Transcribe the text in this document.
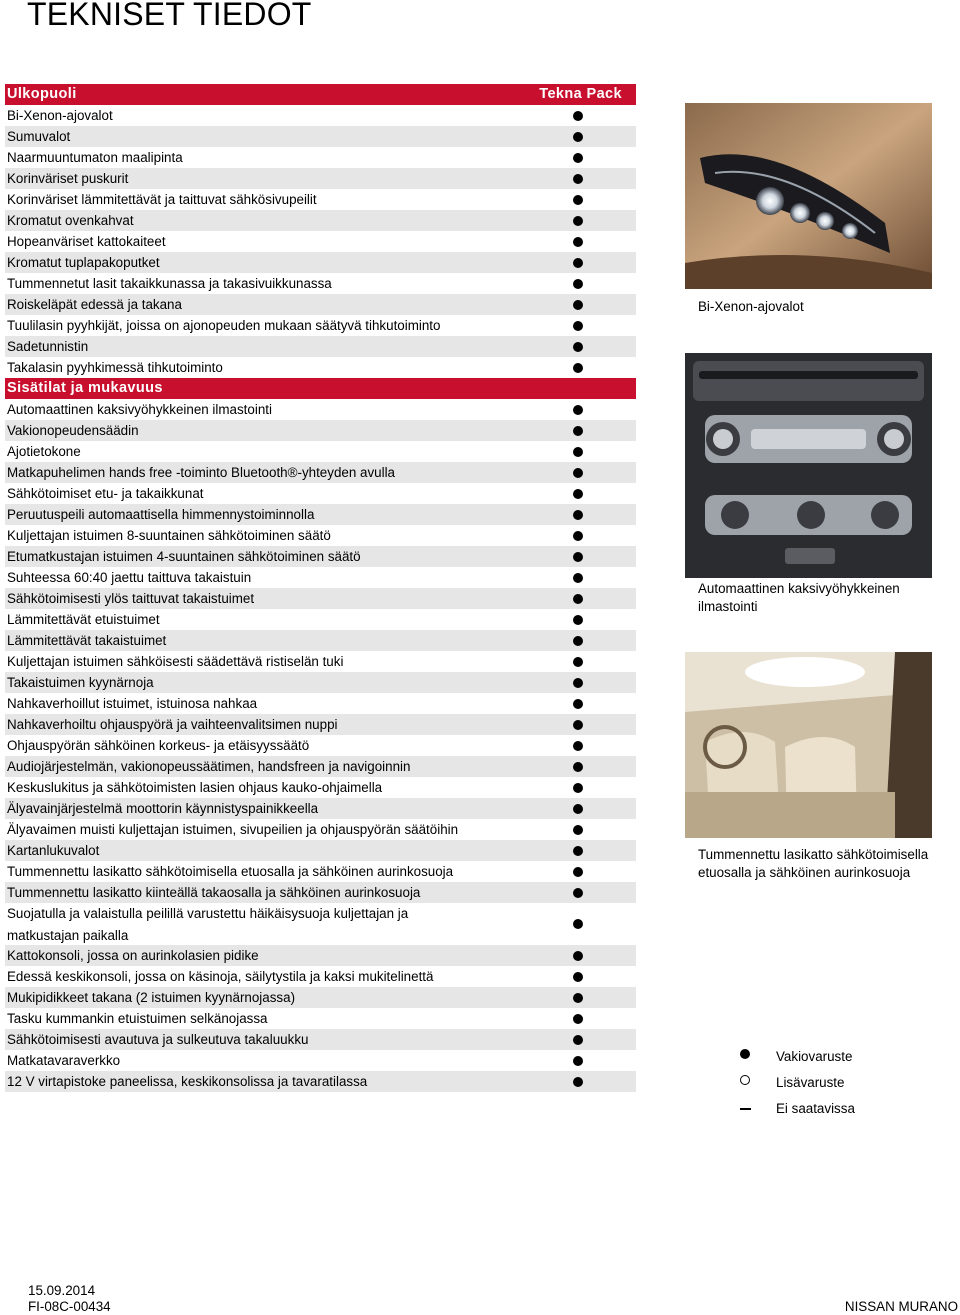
TEKNISET TIEDOT
Ulkopuoli	Tekna Pack
Bi-Xenon-ajovalot
Sumuvalot
Naarmuuntumaton maalipinta
Korinväriset puskurit
Korinväriset lämmitettävät ja taittuvat sähkösivupeilit
Kromatut ovenkahvat
Hopeanväriset kattokaiteet
Kromatut tuplapakoputket
Tummennetut lasit takaikkunassa ja takasivuikkunassa
Roiskeläpät edessä ja takana
Tuulilasin pyyhkijät, joissa on ajonopeuden mukaan säätyvä tihkutoiminto
Sadetunnistin
Takalasin pyyhkimessä tihkutoiminto
Sisätilat ja mukavuus
Automaattinen kaksivyöhykkeinen ilmastointi
Vakionopeudensäädin
Ajotietokone
Matkapuhelimen hands free -toiminto Bluetooth®-yhteyden avulla
Sähkötoimiset etu- ja takaikkunat
Peruutuspeili automaattisella himmennystoiminnolla
Kuljettajan istuimen 8-suuntainen sähkötoiminen säätö
Etumatkustajan istuimen 4-suuntainen sähkötoiminen säätö
Suhteessa 60:40 jaettu taittuva takaistuin
Sähkötoimisesti ylös taittuvat takaistuimet
Lämmitettävät etuistuimet
Lämmitettävät takaistuimet
Kuljettajan istuimen sähköisesti säädettävä ristiselän tuki
Takaistuimen kyynärnoja
Nahkaverhoillut istuimet, istuinosa nahkaa
Nahkaverhoiltu ohjauspyörä ja vaihteenvalitsimen nuppi
Ohjauspyörän sähköinen korkeus- ja etäisyyssäätö
Audiojärjestelmän, vakionopeussäätimen, handsfreen ja navigoinnin
Keskuslukitus ja sähkötoimisten lasien ohjaus kauko-ohjaimella
Älyavainjärjestelmä moottorin käynnistyspainikkeella
Älyavaimen muisti kuljettajan istuimen, sivupeilien ja ohjauspyörän säätöihin
Kartanlukuvalot
Tummennettu lasikatto sähkötoimisella etuosalla ja sähköinen aurinkosuoja
Tummennettu lasikatto kiinteällä takaosalla ja sähköinen aurinkosuoja
Suojatulla ja valaistulla peilillä varustettu häikäisysuoja kuljettajan ja matkustajan paikalla
Kattokonsoli, jossa on aurinkolasien pidike
Edessä keskikonsoli, jossa on käsinoja, säilytystila ja kaksi mukitelinettä
Mukipidikkeet takana (2 istuimen kyynärnojassa)
Tasku kummankin etuistuimen selkänojassa
Sähkötoimisesti avautuva ja sulkeutuva takaluukku
Matkatavaraverkko
12 V virtapistoke paneelissa, keskikonsolissa ja tavaratilassa
Bi-Xenon-ajovalot
Automaattinen kaksivyöhykkeinen ilmastointi
Tummennettu lasikatto sähkötoimisella etuosalla ja sähköinen aurinkosuoja
Vakiovaruste
Lisävaruste
Ei saatavissa
15.09.2014
FI-08C-00434	NISSAN MURANO
